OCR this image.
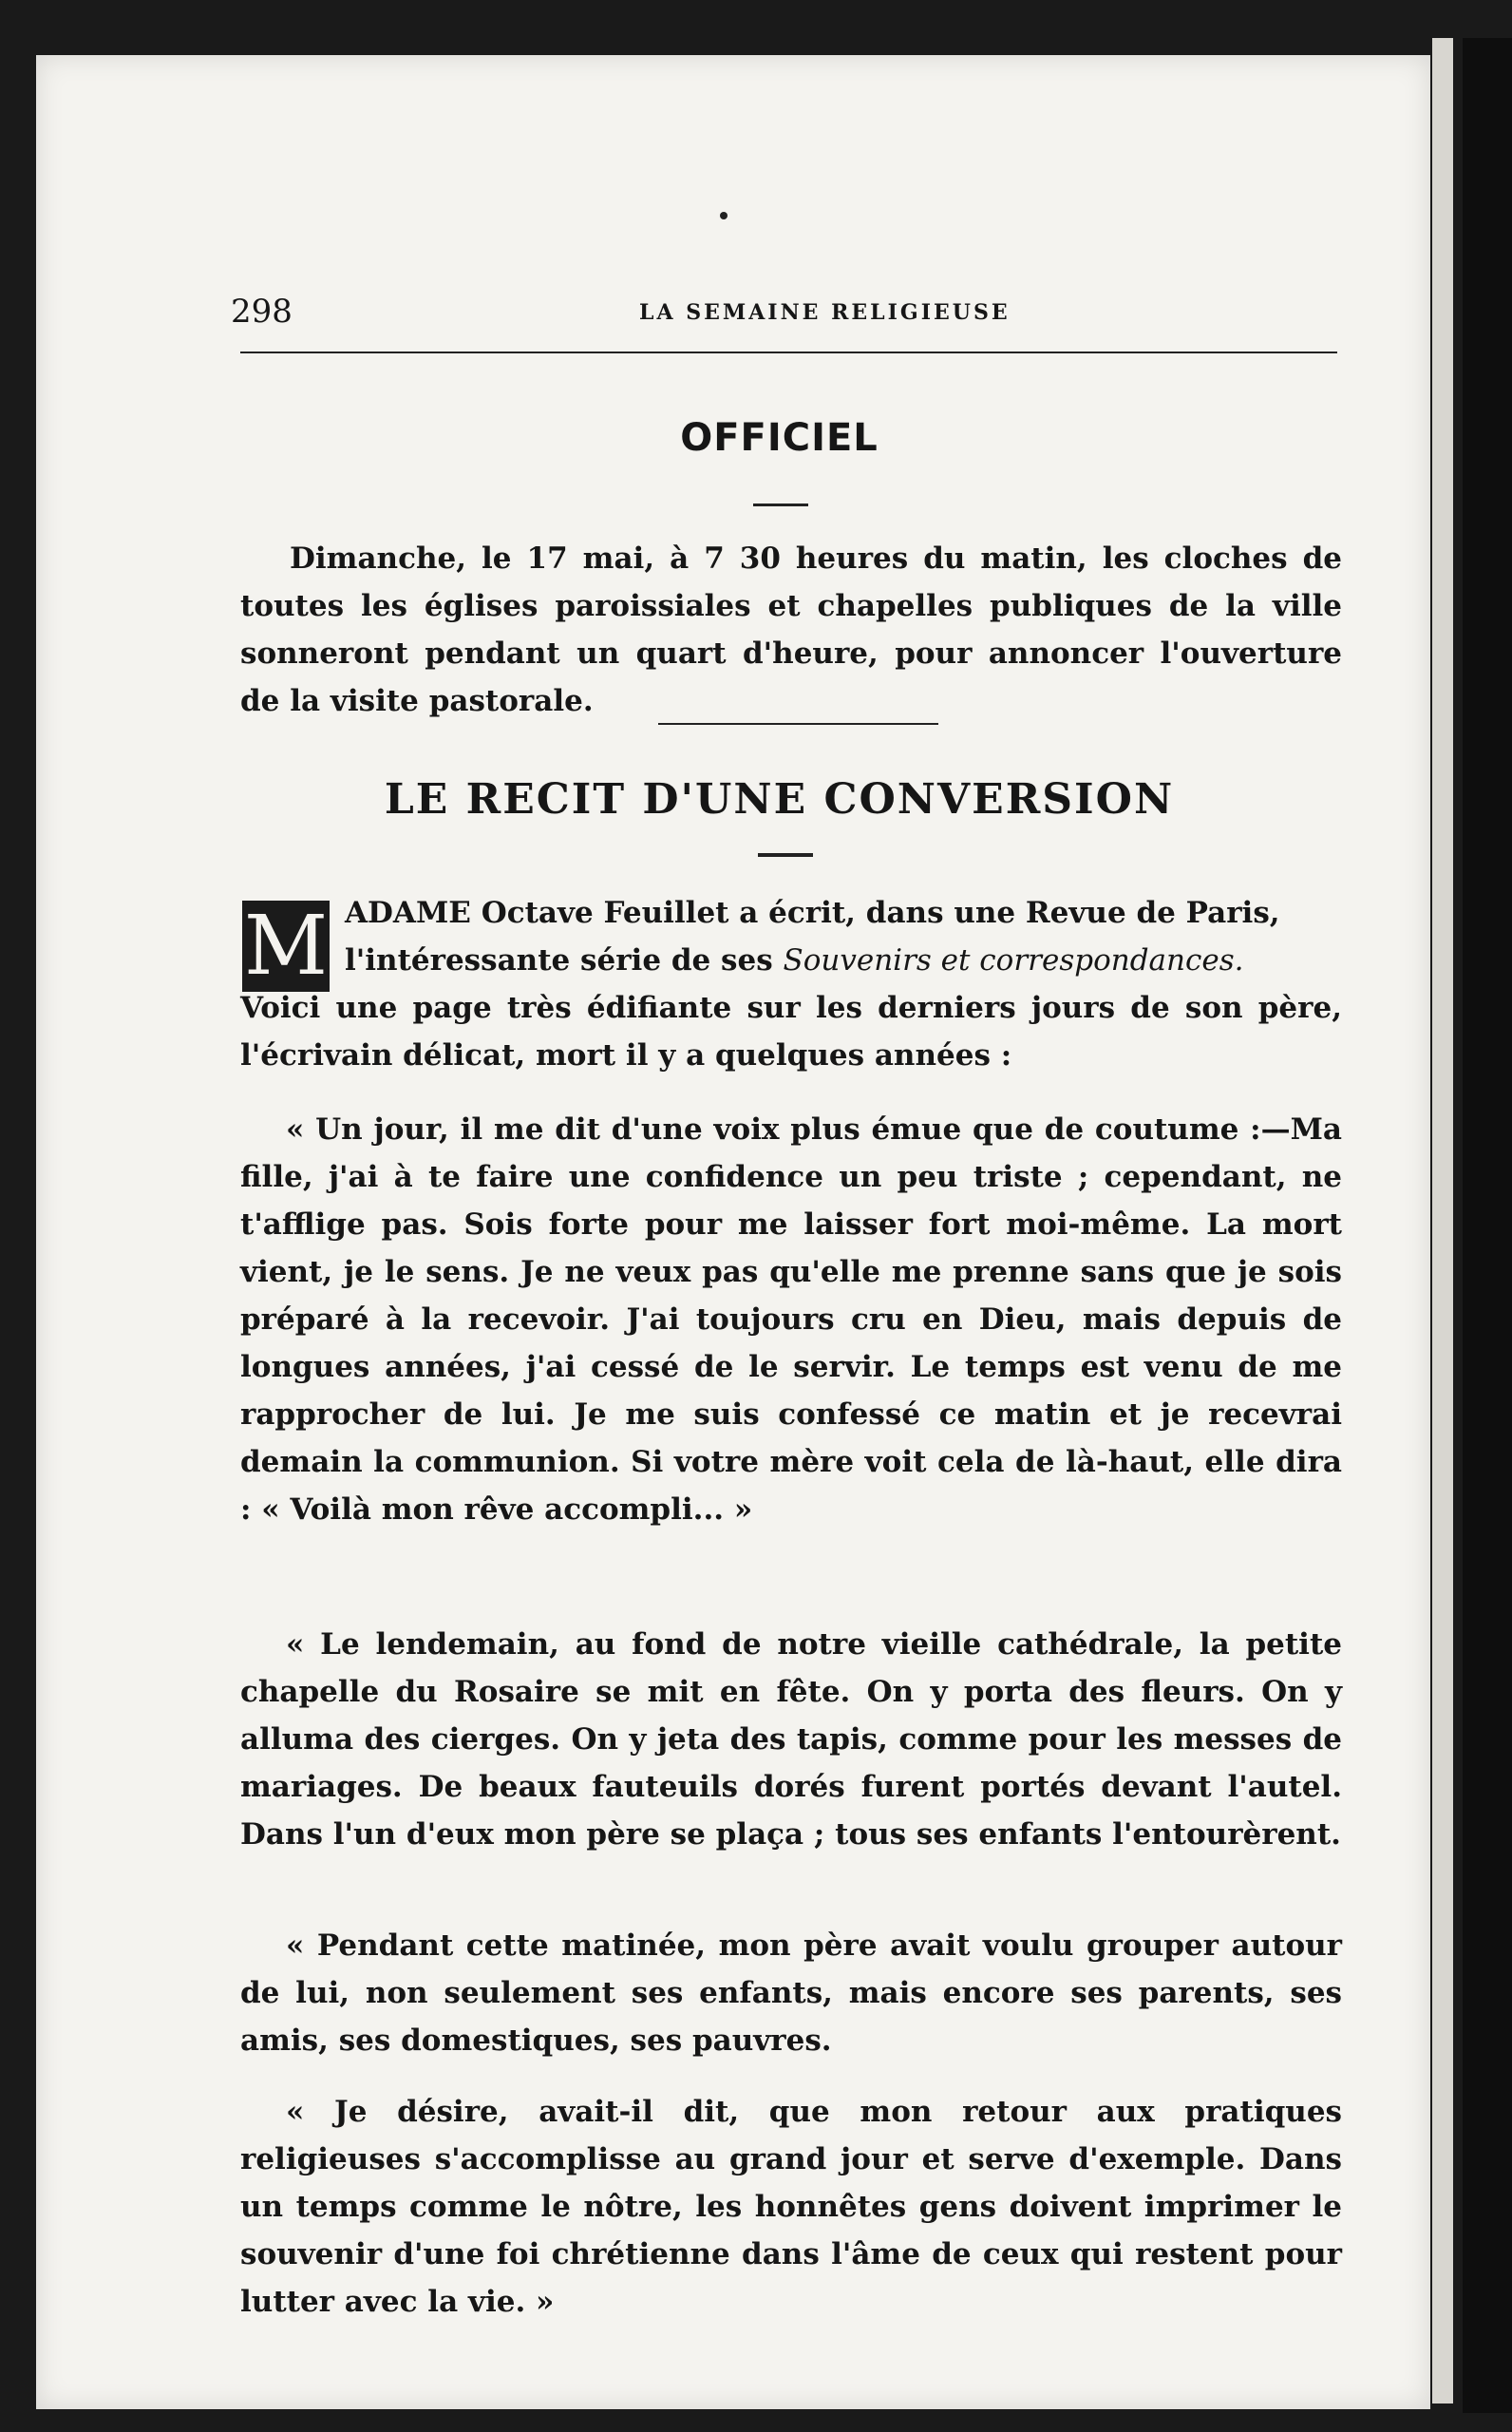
298	LA SEMAINE RELIGIEUSE
OFFICIEL
Dimanche, le 17 mai, à 7 30 heures du matin, les cloches de toutes les églises paroissiales et chapelles publiques de la ville sonneront pendant un quart d'heure, pour annoncer l'ouverture de la visite pastorale.
LE RECIT D'UNE CONVERSION
M ADAME Octave Feuillet a écrit, dans une Revue de Paris,
l'intéressante série de ses Souvenirs et correspondances.
Voici une page très édifiante sur les derniers jours de son père, l'écrivain délicat, mort il y a quelques années :
« Un jour, il me dit d'une voix plus émue que de coutume :—Ma fille, j'ai à te faire une confidence un peu triste ; cependant, ne t'afflige pas. Sois forte pour me laisser fort moi-même. La mort vient, je le sens. Je ne veux pas qu'elle me prenne sans que je sois préparé à la recevoir. J'ai toujours cru en Dieu, mais depuis de longues années, j'ai cessé de le servir. Le temps est venu de me rapprocher de lui. Je me suis confessé ce matin et je recevrai demain la communion. Si votre mère voit cela de là-haut, elle dira : « Voilà mon rêve accompli... »
« Le lendemain, au fond de notre vieille cathédrale, la petite chapelle du Rosaire se mit en fête. On y porta des fleurs. On y alluma des cierges. On y jeta des tapis, comme pour les messes de mariages. De beaux fauteuils dorés furent portés devant l'autel. Dans l'un d'eux mon père se plaça ; tous ses enfants l'entourèrent.
« Pendant cette matinée, mon père avait voulu grouper autour de lui, non seulement ses enfants, mais encore ses parents, ses amis, ses domestiques, ses pauvres.
« Je désire, avait-il dit, que mon retour aux pratiques religieuses s'accomplisse au grand jour et serve d'exemple. Dans un temps comme le nôtre, les honnêtes gens doivent imprimer le souvenir d'une foi chrétienne dans l'âme de ceux qui restent pour lutter avec la vie. »
